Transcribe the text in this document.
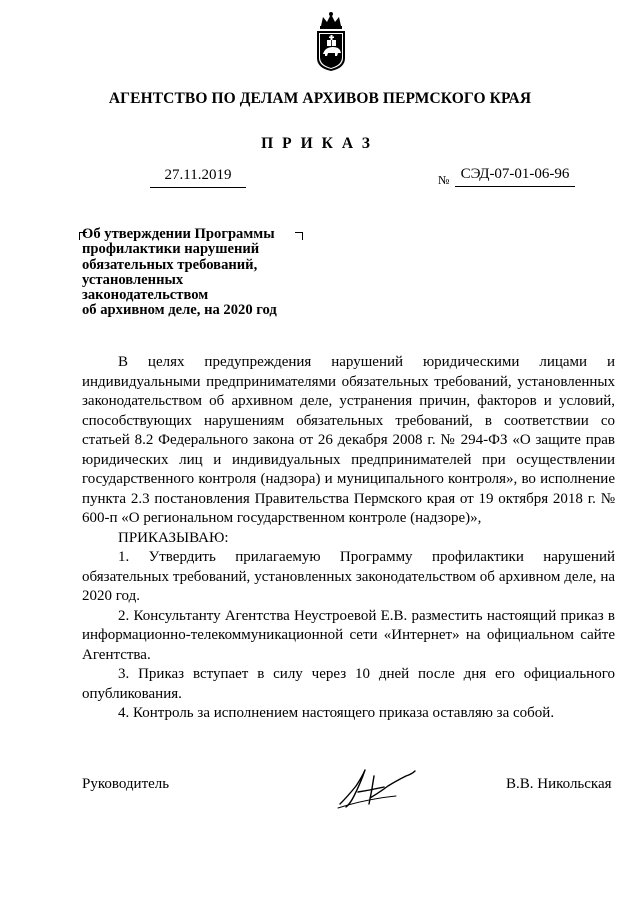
АГЕНТСТВО ПО ДЕЛАМ АРХИВОВ ПЕРМСКОГО КРАЯ
ПРИКАЗ
27.11.2019	№ СЭД-07-01-06-96
Об утверждении Программы
профилактики нарушений
обязательных требований,
установленных
законодательством
об архивном деле, на 2020 год

В целях предупреждения нарушений юридическими лицами и индивидуальными предпринимателями обязательных требований, установленных законодательством об архивном деле, устранения причин, факторов и условий, способствующих нарушениям обязательных требований, в соответствии со статьей 8.2 Федерального закона от 26 декабря 2008 г. № 294-ФЗ «О защите прав юридических лиц и индивидуальных предпринимателей при осуществлении государственного контроля (надзора) и муниципального контроля», во исполнение пункта 2.3 постановления Правительства Пермского края от 19 октября 2018 г. № 600-п «О региональном государственном контроле (надзоре)»,

ПРИКАЗЫВАЮ:

1. Утвердить прилагаемую Программу профилактики нарушений обязательных требований, установленных законодательством об архивном деле, на 2020 год.

2. Консультанту Агентства Неустроевой Е.В. разместить настоящий приказ в информационно-телекоммуникационной сети «Интернет» на официальном сайте Агентства.

3. Приказ вступает в силу через 10 дней после дня его официального опубликования.

4. Контроль за исполнением настоящего приказа оставляю за собой.

Руководитель	В.В. Никольская
